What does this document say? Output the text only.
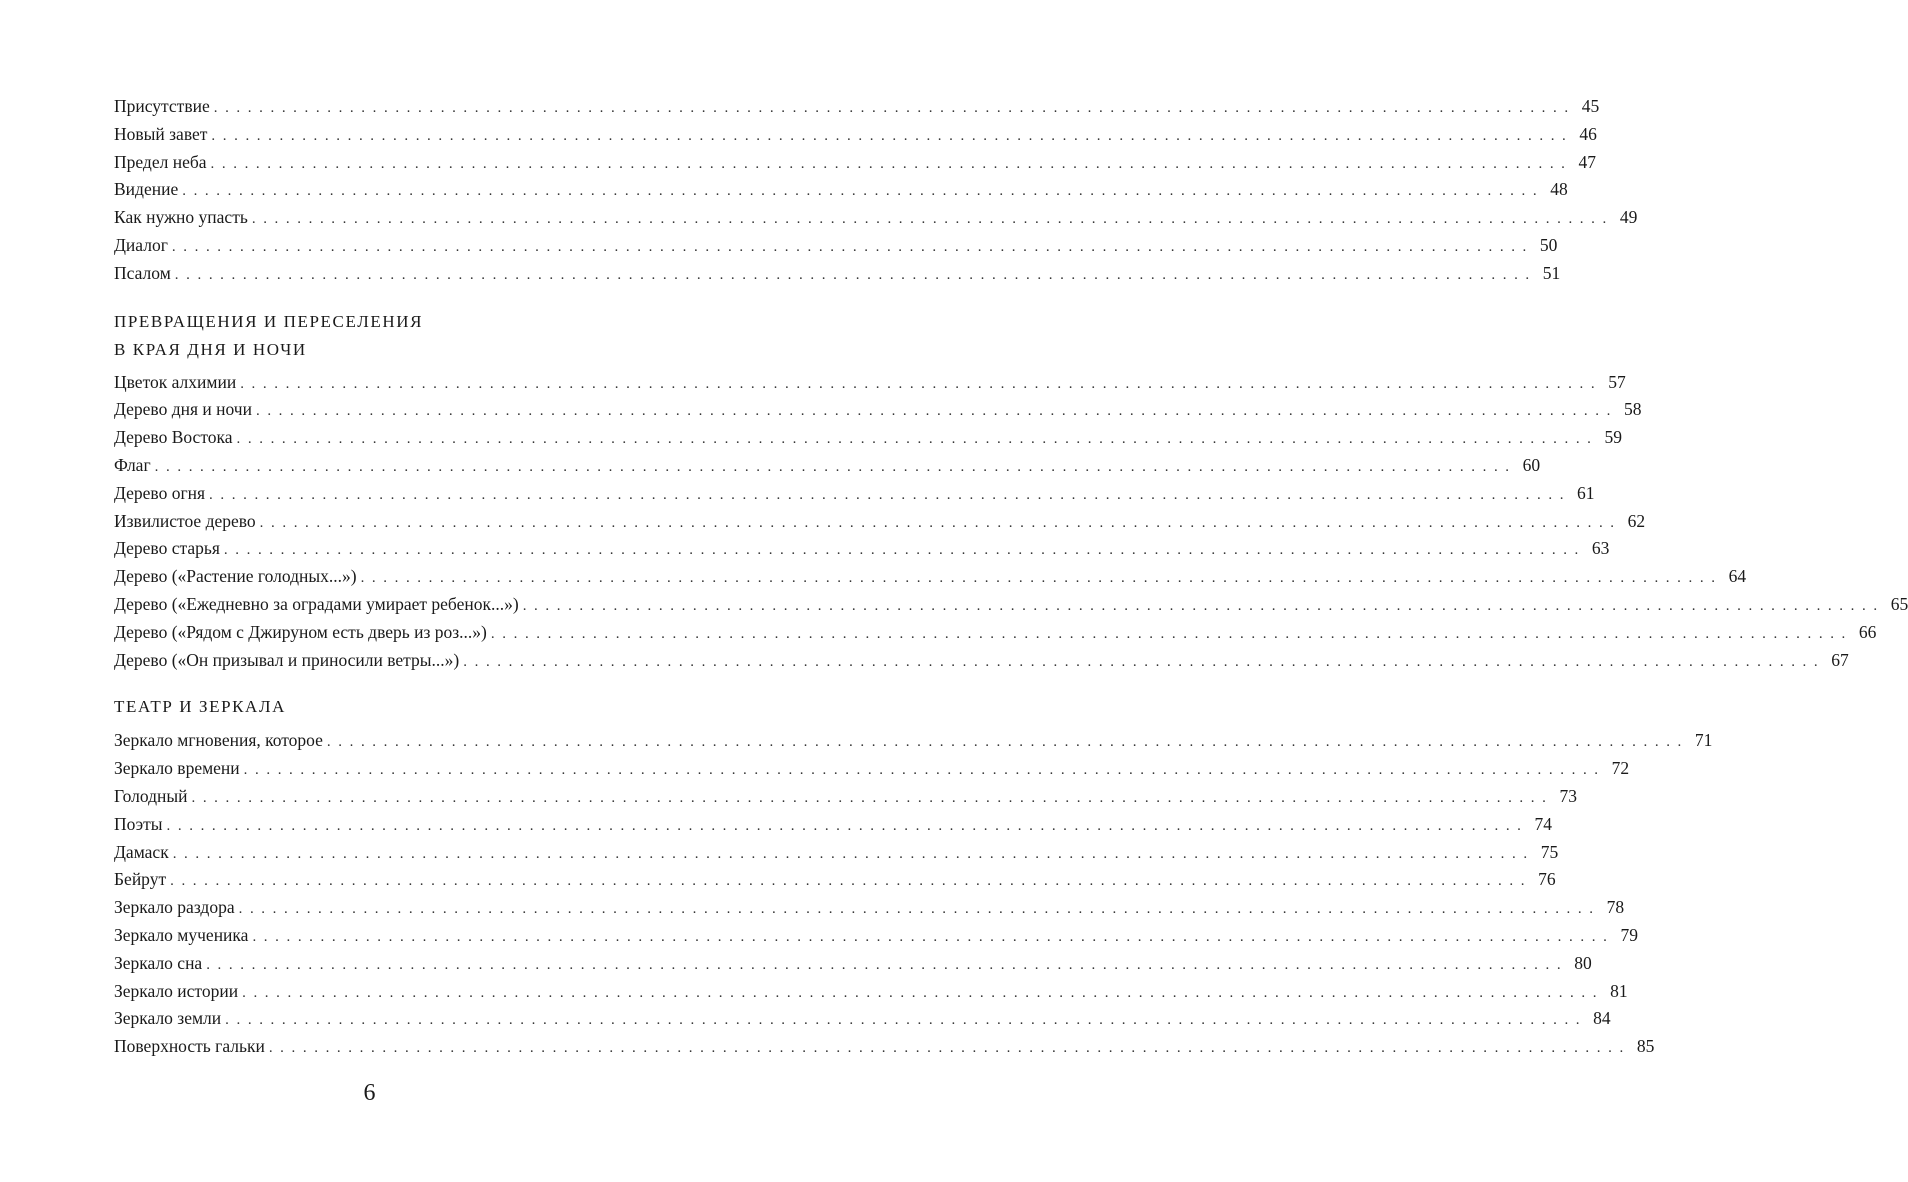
Присутствие ........................................................................................................................ 45
Новый завет ........................................................................................................................ 46
Предел неба ........................................................................................................................ 47
Видение ........................................................................................................................ 48
Как нужно упасть ........................................................................................................................ 49
Диалог ........................................................................................................................ 50
Псалом ........................................................................................................................ 51
ПРЕВРАЩЕНИЯ И ПЕРЕСЕЛЕНИЯ
В КРАЯ ДНЯ И НОЧИ
Цветок алхимии ........................................................................................................................ 57
Дерево дня и ночи ........................................................................................................................ 58
Дерево Востока ........................................................................................................................ 59
Флаг ........................................................................................................................ 60
Дерево огня ........................................................................................................................ 61
Извилистое дерево ........................................................................................................................ 62
Дерево старья ........................................................................................................................ 63
Дерево («Растение голодных...») ........................................................................................................................ 64
Дерево («Ежедневно за оградами умирает ребенок...») ........................................................................................................................ 65
Дерево («Рядом с Джируном есть дверь из роз...») ........................................................................................................................ 66
Дерево («Он призывал и приносили ветры...») ........................................................................................................................ 67
ТЕАТР И ЗЕРКАЛА
Зеркало мгновения, которое ........................................................................................................................ 71
Зеркало времени ........................................................................................................................ 72
Голодный ........................................................................................................................ 73
Поэты ........................................................................................................................ 74
Дамаск ........................................................................................................................ 75
Бейрут ........................................................................................................................ 76
Зеркало раздора ........................................................................................................................ 78
Зеркало мученика ........................................................................................................................ 79
Зеркало сна ........................................................................................................................ 80
Зеркало истории ........................................................................................................................ 81
Зеркало земли ........................................................................................................................ 84
Поверхность гальки ........................................................................................................................ 85
6
